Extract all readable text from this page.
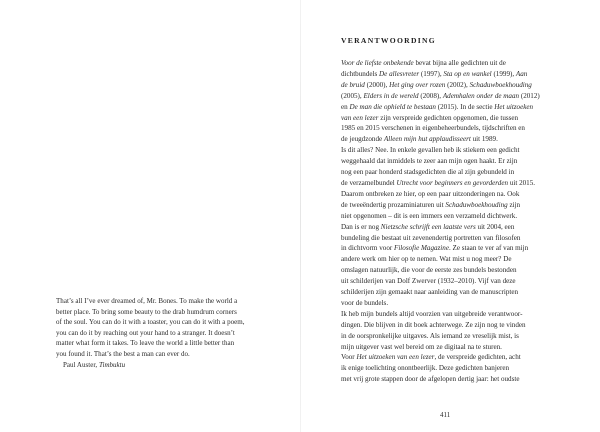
That’s all I’ve ever dreamed of, Mr. Bones. To make the world a
better place. To bring some beauty to the drab humdrum corners
of the soul. You can do it with a toaster, you can do it with a poem,
you can do it by reaching out your hand to a stranger. It doesn’t
matter what form it takes. To leave the world a little better than
you found it. That’s the best a man can ever do.

Paul Auster, Timbuktu

VERANTWOORDING

Voor de liefste onbekende bevat bijna alle gedichten uit de
dichtbundels De allesvreter (1997), Sta op en wankel (1999), Aan
de bruid (2000), Het ging over rozen (2002), Schaduwboekhouding
(2005), Elders in de wereld (2008), Ademhalen onder de maan (2012)
en De man die ophield te bestaan (2015). In de sectie Het uitzoeken
van een lezer zijn verspreide gedichten opgenomen, die tussen
1985 en 2015 verschenen in eigenbeheerbundels, tijdschriften en
de jeugdzonde Alleen mijn hut applaudisseert uit 1989.

Is dit alles? Nee. In enkele gevallen heb ik stiekem een gedicht
weggehaald dat inmiddels te zeer aan mijn ogen haakt. Er zijn
nog een paar honderd stadsgedichten die al zijn gebundeld in
de verzamelbundel Utrecht voor beginners en gevorderden uit 2015.
Daarom ontbreken ze hier, op een paar uitzonderingen na. Ook
de tweeëndertig prozaminiaturen uit Schaduwboekhouding zijn
niet opgenomen – dit is een immers een verzameld dichtwerk.
Dan is er nog Nietzsche schrijft een laatste vers uit 2004, een
bundeling die bestaat uit zevenendertig portretten van filosofen
in dichtvorm voor Filosofie Magazine. Ze staan te ver af van mijn
andere werk om hier op te nemen. Wat mist u nog meer? De
omslagen natuurlijk, die voor de eerste zes bundels bestonden
uit schilderijen van Dolf Zwerver (1932–2010). Vijf van deze
schilderijen zijn gemaakt naar aanleiding van de manuscripten
voor de bundels.

Ik heb mijn bundels altijd voorzien van uitgebreide verantwoor-
dingen. Die blijven in dit boek achterwege. Ze zijn nog te vinden
in de oorspronkelijke uitgaves. Als iemand ze vreselijk mist, is
mijn uitgever vast wel bereid om ze digitaal na te sturen.

Voor Het uitzoeken van een lezer, de verspreide gedichten, acht
ik enige toelichting onontbeerlijk. Deze gedichten banjeren
met vrij grote stappen door de afgelopen dertig jaar: het oudste

411
